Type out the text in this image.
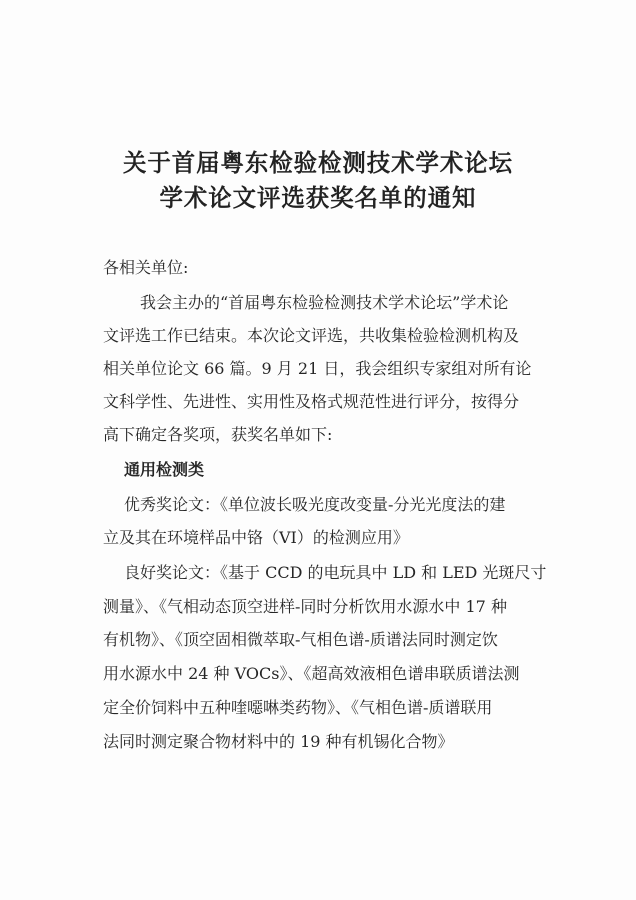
关于首届粤东检验检测技术学术论坛
学术论文评选获奖名单的通知
各相关单位:
我会主办的“首届粤东检验检测技术学术论坛”学术论
文评选工作已结束。本次论文评选，共收集检验检测机构及
相关单位论文 66 篇。9 月 21 日，我会组织专家组对所有论
文科学性、先进性、实用性及格式规范性进行评分，按得分
高下确定各奖项，获奖名单如下:
通用检测类
优秀奖论文：《单位波长吸光度改变量-分光光度法的建
立及其在环境样品中铬（VI）的检测应用》
良好奖论文：《基于 CCD 的电玩具中 LD 和 LED 光斑尺寸
测量》、《气相动态顶空进样-同时分析饮用水源水中 17 种
有机物》、《顶空固相微萃取-气相色谱-质谱法同时测定饮
用水源水中 24 种 VOCs》、《超高效液相色谱串联质谱法测
定全价饲料中五种喹噁啉类药物》、《气相色谱-质谱联用
法同时测定聚合物材料中的 19 种有机锡化合物》
